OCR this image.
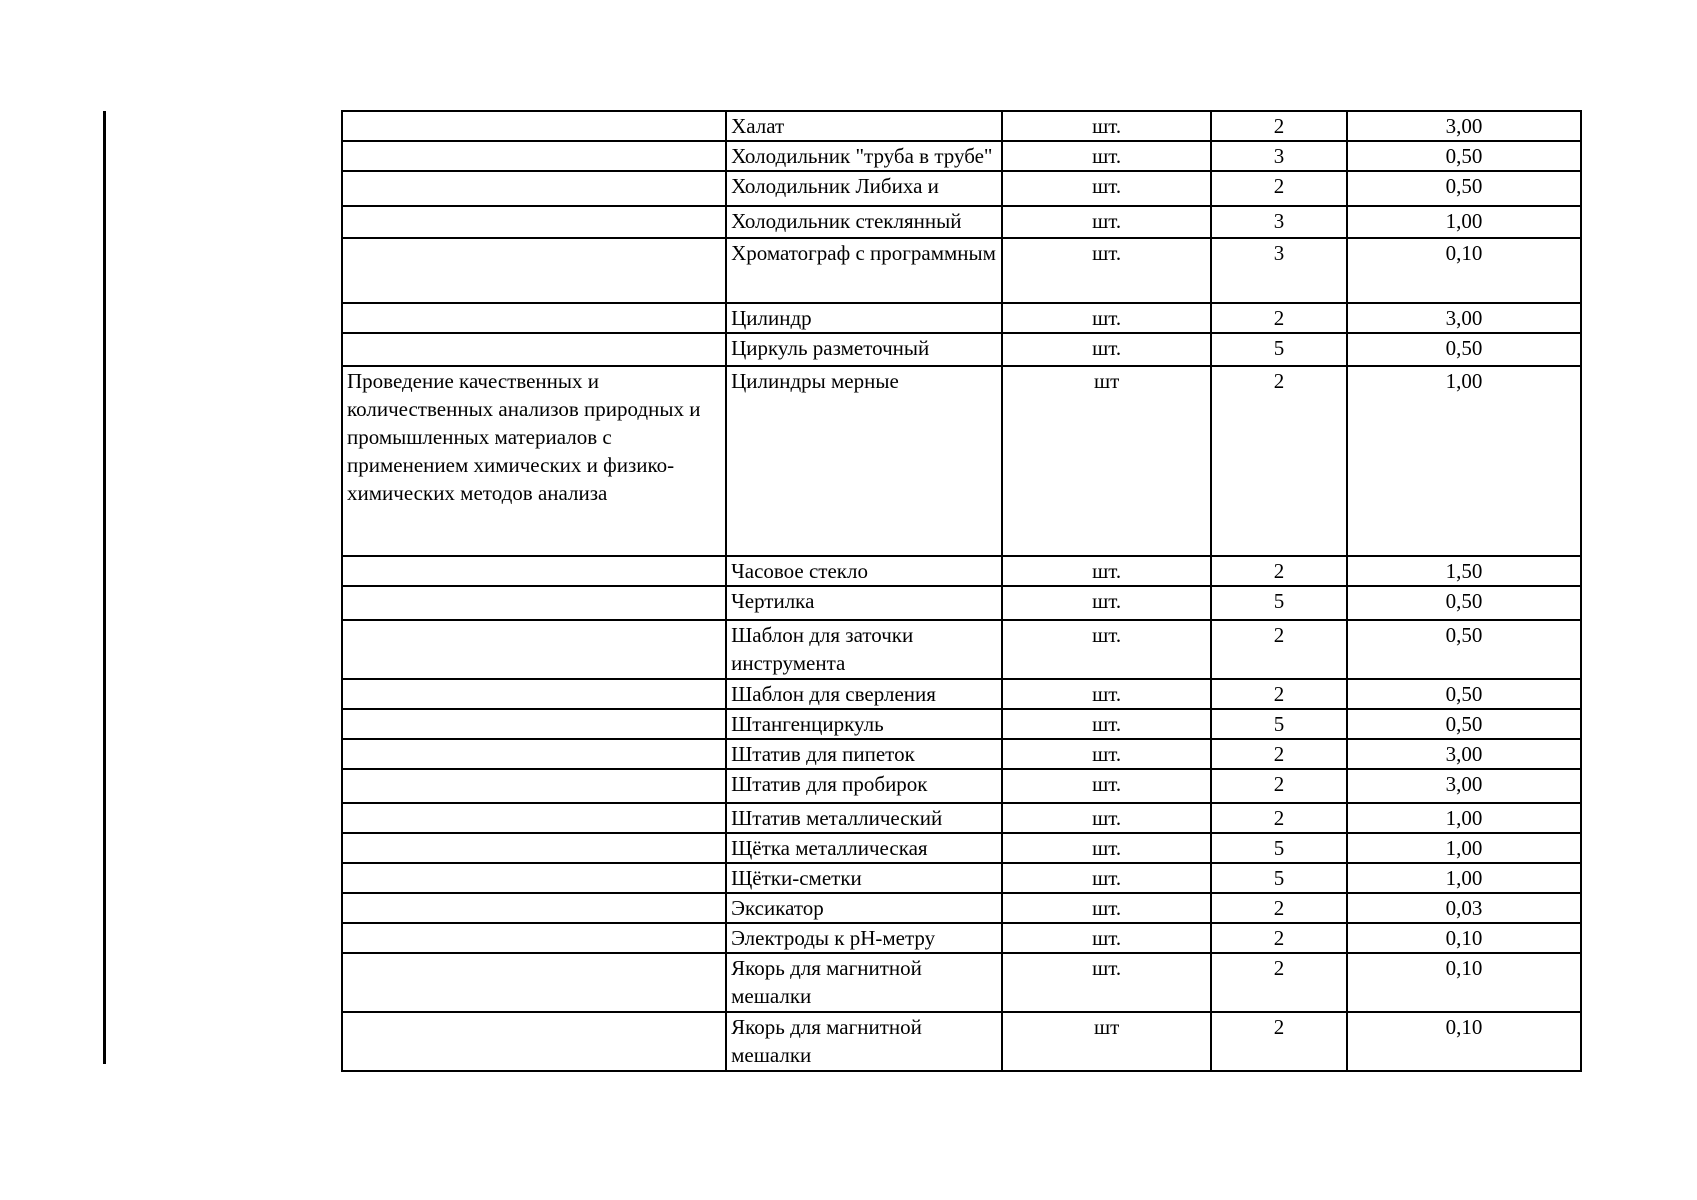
	Халат	шт.	2	3,00
	Холодильник "труба в трубе"	шт.	3	0,50
	Холодильник Либиха и	шт.	2	0,50
	Холодильник стеклянный	шт.	3	1,00

	Хроматограф с программным	шт.	3	0,10
	Цилиндр	шт.	2	3,00
	Циркуль разметочный	шт.	5	0,50
Проведение качественных и количественных анализов природных и промышленных материалов с применением химических и физико-химических методов анализа	Цилиндры мерные	шт	2	1,00
	Часовое стекло	шт.	2	1,50
	Чертилка	шт.	5	0,50
	Шаблон для заточки инструмента	шт.	2	0,50
	Шаблон для сверления	шт.	2	0,50
	Штангенциркуль	шт.	5	0,50
	Штатив для пипеток	шт.	2	3,00
	Штатив для пробирок	шт.	2	3,00
	Штатив металлический	шт.	2	1,00
	Щётка металлическая	шт.	5	1,00
	Щётки-сметки	шт.	5	1,00
	Эксикатор	шт.	2	0,03
	Электроды к pH-метру	шт.	2	0,10
	Якорь для магнитной мешалки	шт.	2	0,10
	Якорь для магнитной мешалки	шт	2	0,10
